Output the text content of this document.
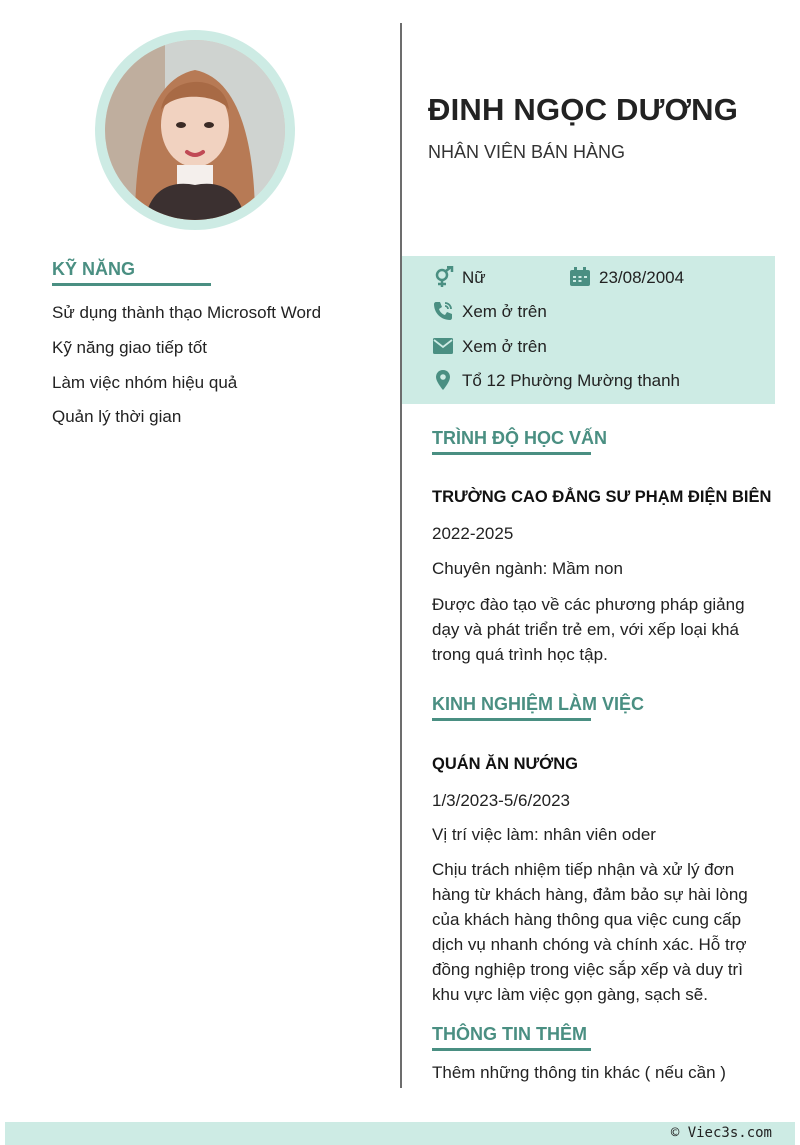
ĐINH NGỌC DƯƠNG
NHÂN VIÊN BÁN HÀNG
KỸ NĂNG
Sử dụng thành thạo Microsoft Word
Kỹ năng giao tiếp tốt
Làm việc nhóm hiệu quả
Quản lý thời gian
Nữ	23/08/2004
Xem ở trên
Xem ở trên
Tổ 12 Phường Mường thanh
TRÌNH ĐỘ HỌC VẤN
TRƯỜNG CAO ĐẲNG SƯ PHẠM ĐIỆN BIÊN
2022-2025
Chuyên ngành: Mầm non
Được đào tạo về các phương pháp giảng dạy và phát triển trẻ em, với xếp loại khá trong quá trình học tập.
KINH NGHIỆM LÀM VIỆC
QUÁN ĂN NƯỚNG
1/3/2023-5/6/2023
Vị trí việc làm: nhân viên oder
Chịu trách nhiệm tiếp nhận và xử lý đơn hàng từ khách hàng, đảm bảo sự hài lòng của khách hàng thông qua việc cung cấp dịch vụ nhanh chóng và chính xác. Hỗ trợ đồng nghiệp trong việc sắp xếp và duy trì khu vực làm việc gọn gàng, sạch sẽ.
THÔNG TIN THÊM
Thêm những thông tin khác ( nếu cần )
© Viec3s.com
